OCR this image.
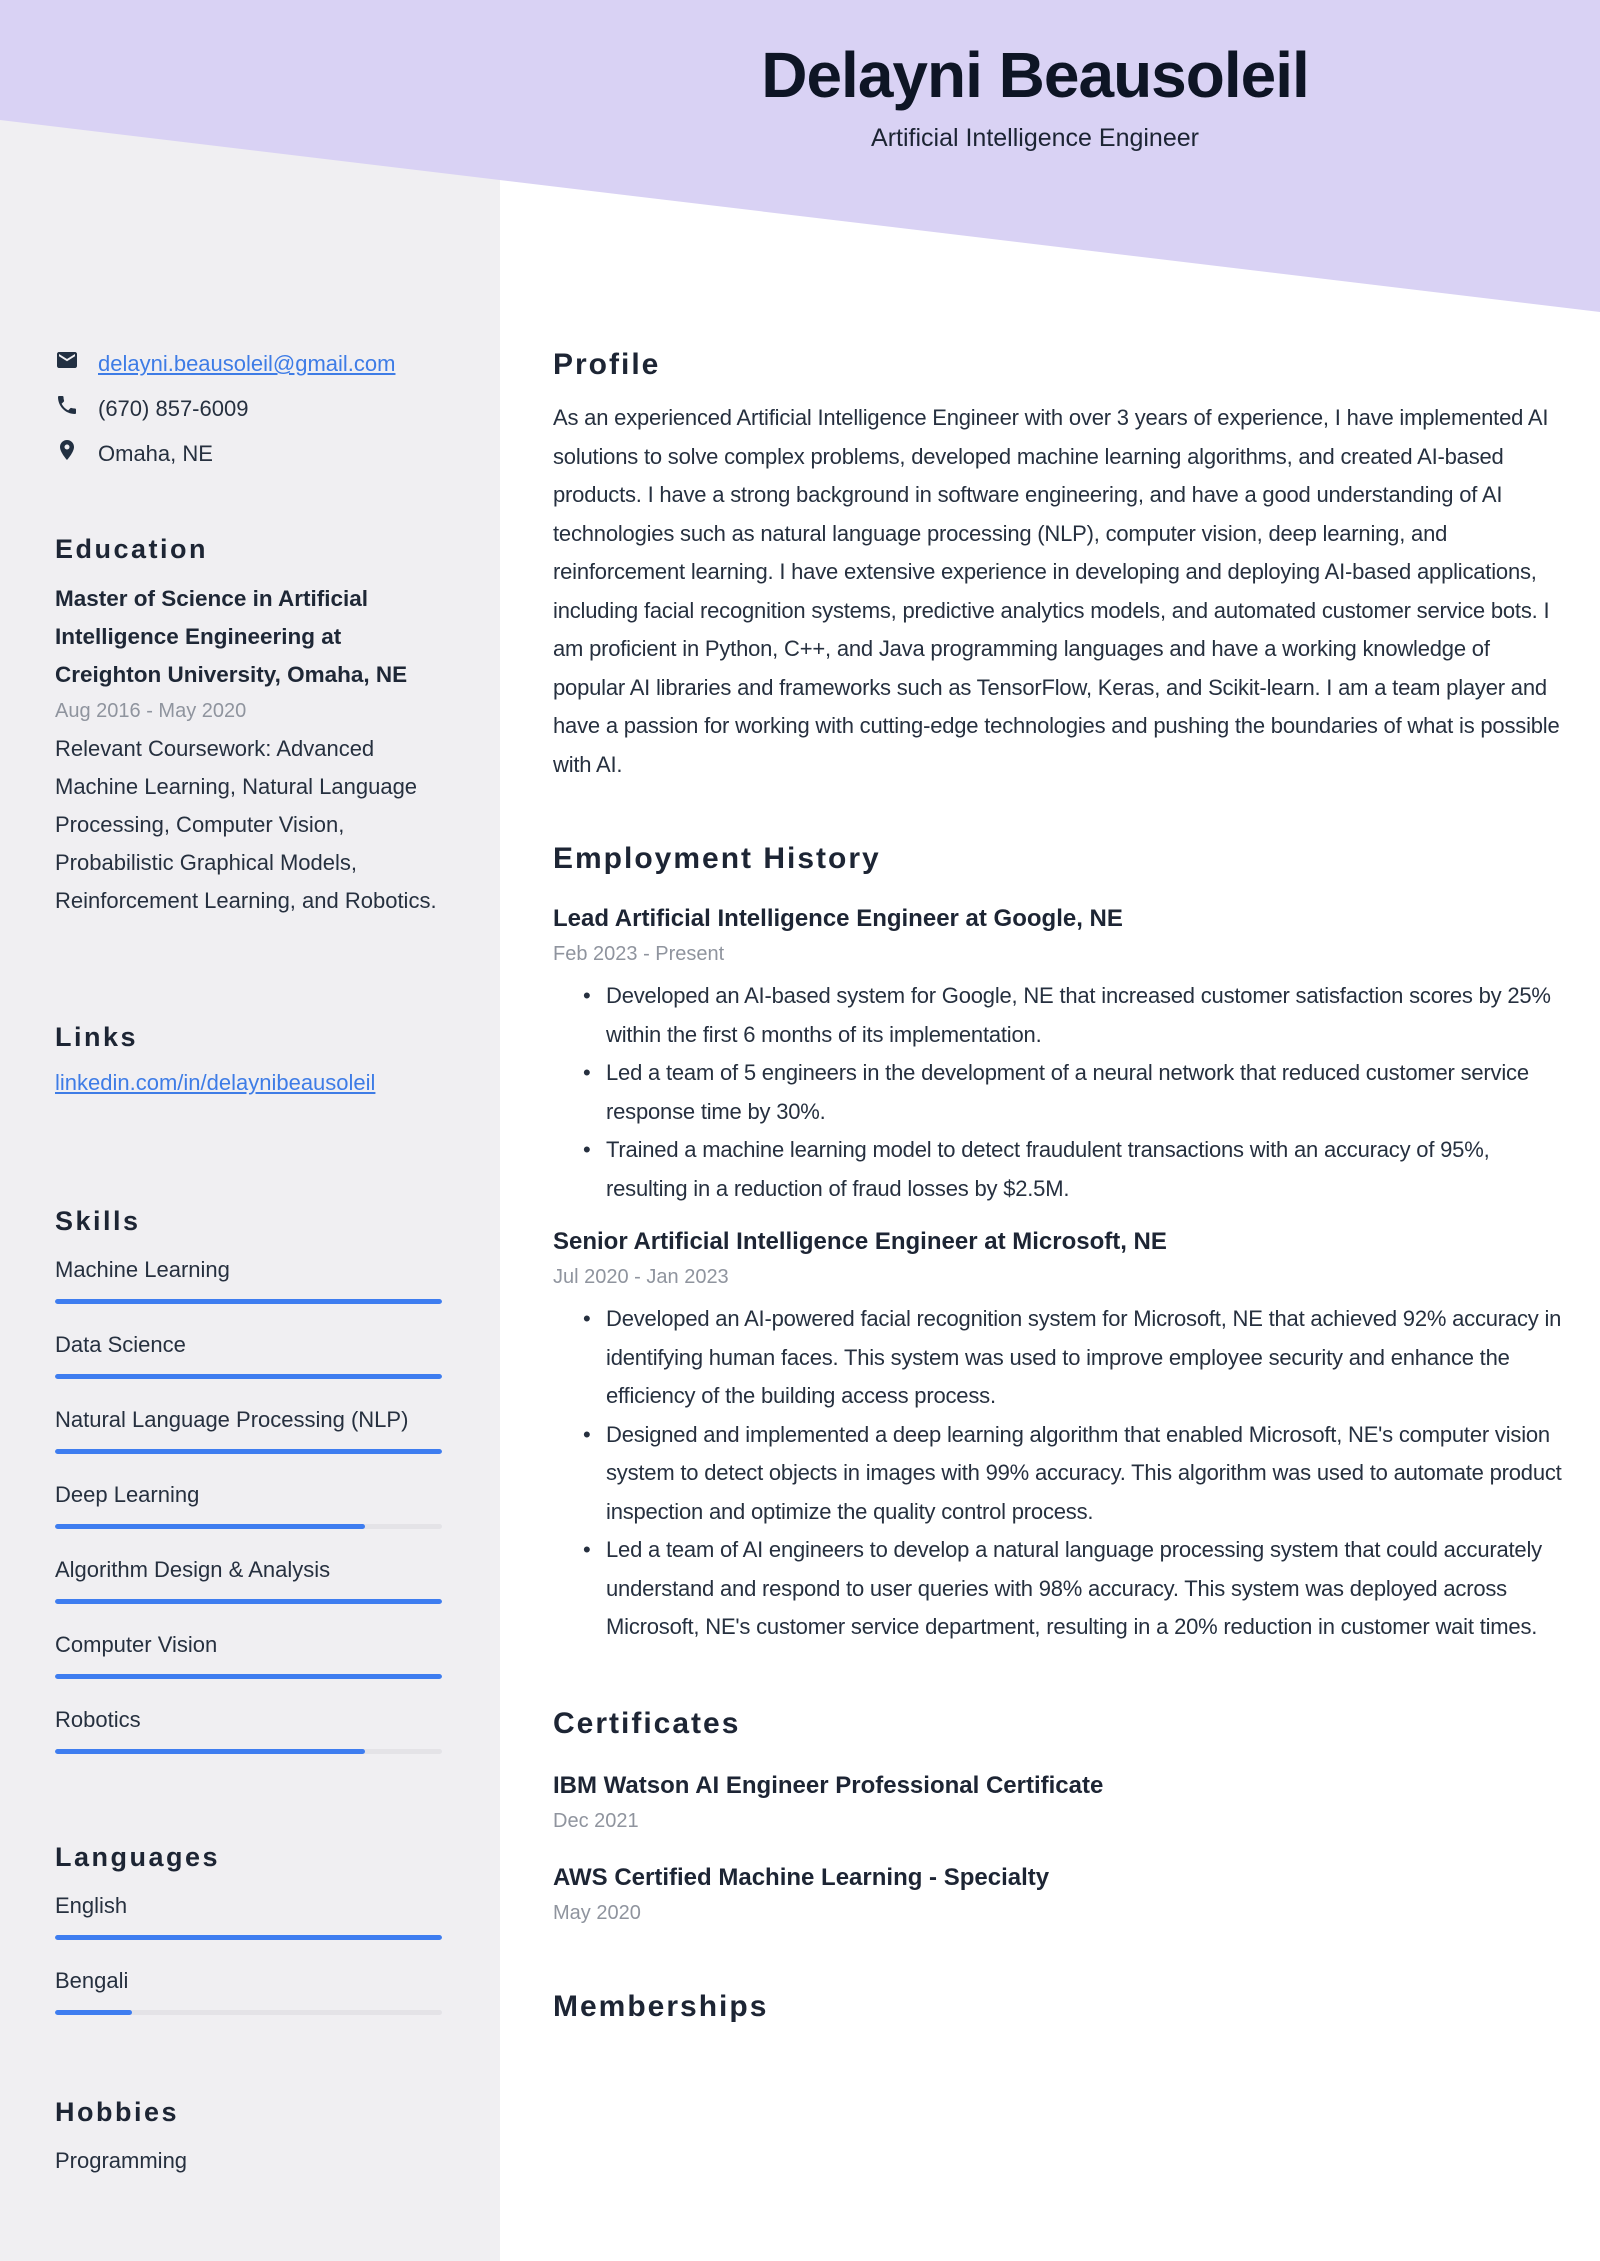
Delayni Beausoleil
Artificial Intelligence Engineer
delayni.beausoleil@gmail.com
(670) 857-6009
Omaha, NE
Education
Master of Science in Artificial Intelligence Engineering at Creighton University, Omaha, NE
Aug 2016 - May 2020
Relevant Coursework: Advanced Machine Learning, Natural Language Processing, Computer Vision, Probabilistic Graphical Models, Reinforcement Learning, and Robotics.
Links
linkedin.com/in/delaynibeausoleil
Skills
Machine Learning
Data Science
Natural Language Processing (NLP)
Deep Learning
Algorithm Design & Analysis
Computer Vision
Robotics
Languages
English
Bengali
Hobbies
Programming
Profile
As an experienced Artificial Intelligence Engineer with over 3 years of experience, I have implemented AI solutions to solve complex problems, developed machine learning algorithms, and created AI-based products. I have a strong background in software engineering, and have a good understanding of AI technologies such as natural language processing (NLP), computer vision, deep learning, and reinforcement learning. I have extensive experience in developing and deploying AI-based applications, including facial recognition systems, predictive analytics models, and automated customer service bots. I am proficient in Python, C++, and Java programming languages and have a working knowledge of popular AI libraries and frameworks such as TensorFlow, Keras, and Scikit-learn. I am a team player and have a passion for working with cutting-edge technologies and pushing the boundaries of what is possible with AI.
Employment History
Lead Artificial Intelligence Engineer at Google, NE
Feb 2023 - Present
• Developed an AI-based system for Google, NE that increased customer satisfaction scores by 25% within the first 6 months of its implementation.
• Led a team of 5 engineers in the development of a neural network that reduced customer service response time by 30%.
• Trained a machine learning model to detect fraudulent transactions with an accuracy of 95%, resulting in a reduction of fraud losses by $2.5M.
Senior Artificial Intelligence Engineer at Microsoft, NE
Jul 2020 - Jan 2023
• Developed an AI-powered facial recognition system for Microsoft, NE that achieved 92% accuracy in identifying human faces. This system was used to improve employee security and enhance the efficiency of the building access process.
• Designed and implemented a deep learning algorithm that enabled Microsoft, NE's computer vision system to detect objects in images with 99% accuracy. This algorithm was used to automate product inspection and optimize the quality control process.
• Led a team of AI engineers to develop a natural language processing system that could accurately understand and respond to user queries with 98% accuracy. This system was deployed across Microsoft, NE's customer service department, resulting in a 20% reduction in customer wait times.
Certificates
IBM Watson AI Engineer Professional Certificate
Dec 2021
AWS Certified Machine Learning - Specialty
May 2020
Memberships
